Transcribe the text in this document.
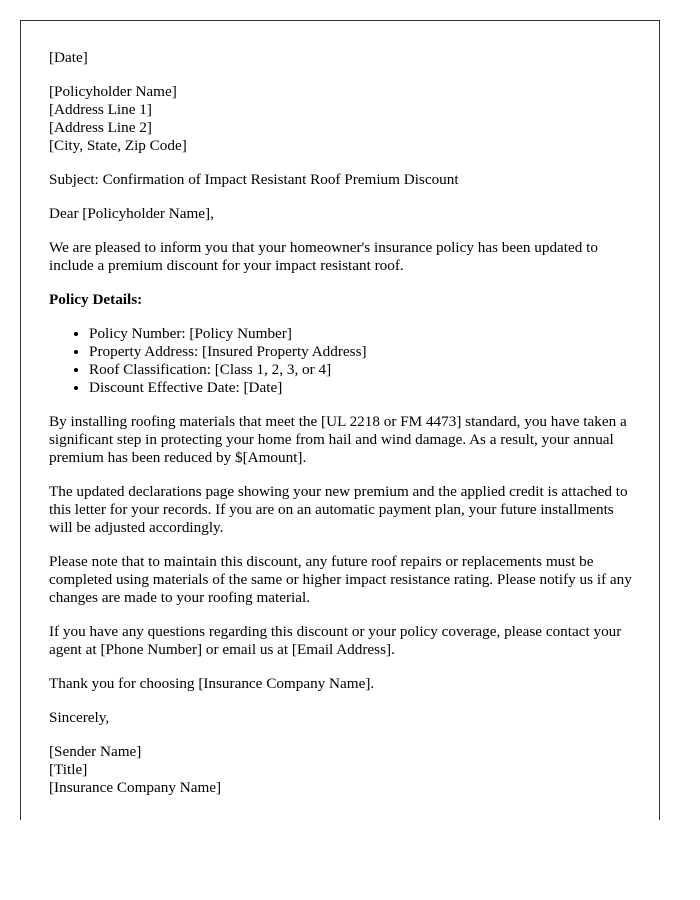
[Date]

[Policyholder Name]
[Address Line 1]
[Address Line 2]
[City, State, Zip Code]

Subject: Confirmation of Impact Resistant Roof Premium Discount

Dear [Policyholder Name],

We are pleased to inform you that your homeowner's insurance policy has been updated to include a premium discount for your impact resistant roof.

Policy Details:

• Policy Number: [Policy Number]
• Property Address: [Insured Property Address]
• Roof Classification: [Class 1, 2, 3, or 4]
• Discount Effective Date: [Date]

By installing roofing materials that meet the [UL 2218 or FM 4473] standard, you have taken a significant step in protecting your home from hail and wind damage. As a result, your annual premium has been reduced by $[Amount].

The updated declarations page showing your new premium and the applied credit is attached to this letter for your records. If you are on an automatic payment plan, your future installments will be adjusted accordingly.

Please note that to maintain this discount, any future roof repairs or replacements must be completed using materials of the same or higher impact resistance rating. Please notify us if any changes are made to your roofing material.

If you have any questions regarding this discount or your policy coverage, please contact your agent at [Phone Number] or email us at [Email Address].

Thank you for choosing [Insurance Company Name].

Sincerely,

[Sender Name]
[Title]
[Insurance Company Name]
